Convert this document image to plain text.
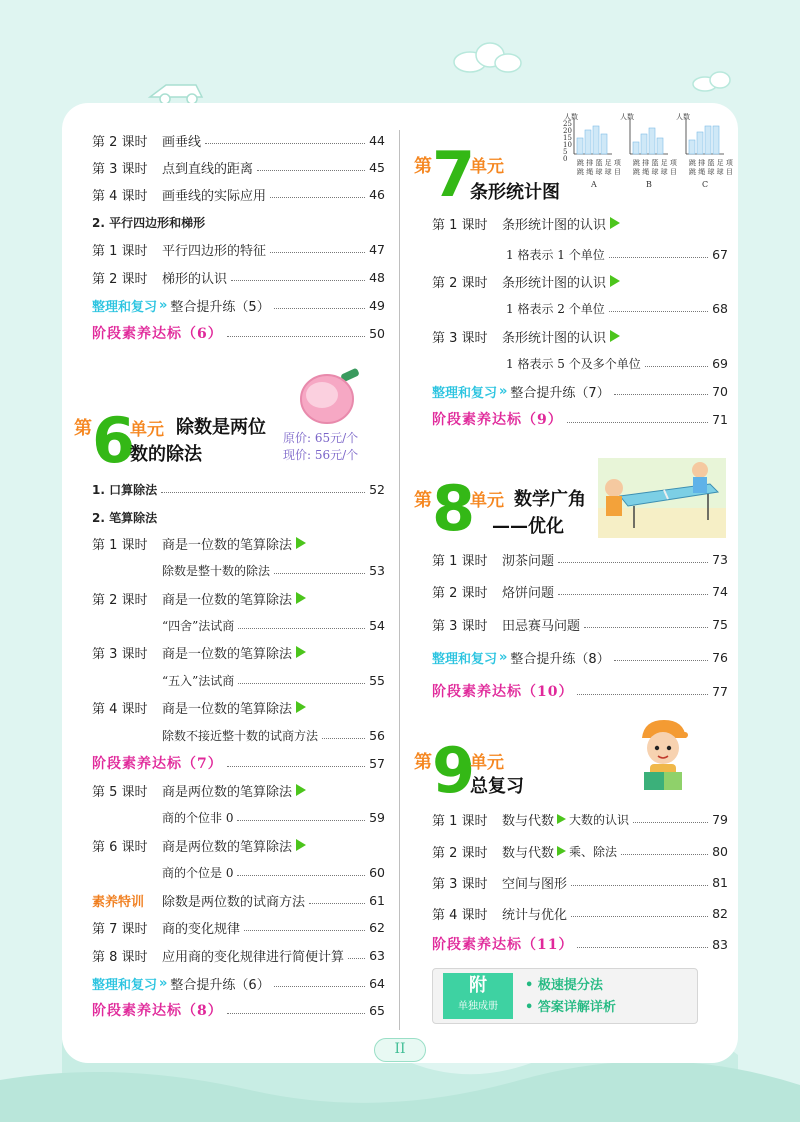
第 2 课时	画垂线	44
第 3 课时	点到直线的距离	45
第 4 课时	画垂线的实际应用	46
2. 平行四边形和梯形
第 1 课时	平行四边形的特征	47
第 2 课时	梯形的认识	48
整理和复习 » 整合提升练（5）	49
阶段素养达标（6）	50
第 6
单元 除数是两位
数的除法
原价: 65元/个
现价: 56元/个
1. 口算除法	52
2. 笔算除法
第 1 课时	商是一位数的笔算除法
除数是整十数的除法	53
第 2 课时	商是一位数的笔算除法
“四舍”法试商	54
第 3 课时	商是一位数的笔算除法
“五入”法试商	55
第 4 课时	商是一位数的笔算除法
除数不接近整十数的试商方法	56
阶段素养达标（7）	57
第 5 课时	商是两位数的笔算除法
商的个位非 0	59
第 6 课时	商是两位数的笔算除法
商的个位是 0	60
素养特训	除数是两位数的试商方法	61
第 7 课时	商的变化规律	62
第 8 课时	应用商的变化规律进行简便计算 63
整理和复习 » 整合提升练（6）	64
阶段素养达标（8）	65
第 7
单元
条形统计图
人数	人数	人数
跳 排 篮 足 项 跳 排 篮 足 项 跳 排 篮 足 项
跳 绳 球 球 目 跳 绳 球 球 目 跳 绳 球 球 目
A	B	C
25
20
15
10
5
0
第 1 课时	条形统计图的认识
1 格表示 1 个单位	67
第 2 课时	条形统计图的认识
1 格表示 2 个单位	68
第 3 课时	条形统计图的认识
1 格表示 5 个及多个单位	69
整理和复习 » 整合提升练（7）	70
阶段素养达标（9）	71
第 8
单元 数学广角
——优化
第 1 课时	沏茶问题	73
第 2 课时	烙饼问题	74
第 3 课时	田忌赛马问题	75
整理和复习 » 整合提升练（8）	76
阶段素养达标（10）	77
第 9
单元
总复习
第 1 课时	数与代数 大数的认识	79
第 2 课时	数与代数 乘、除法	80
第 3 课时	空间与图形	81
第 4 课时	统计与优化	82
阶段素养达标（11）	83
附
单独成册
• 极速提分法
• 答案详解详析
II
